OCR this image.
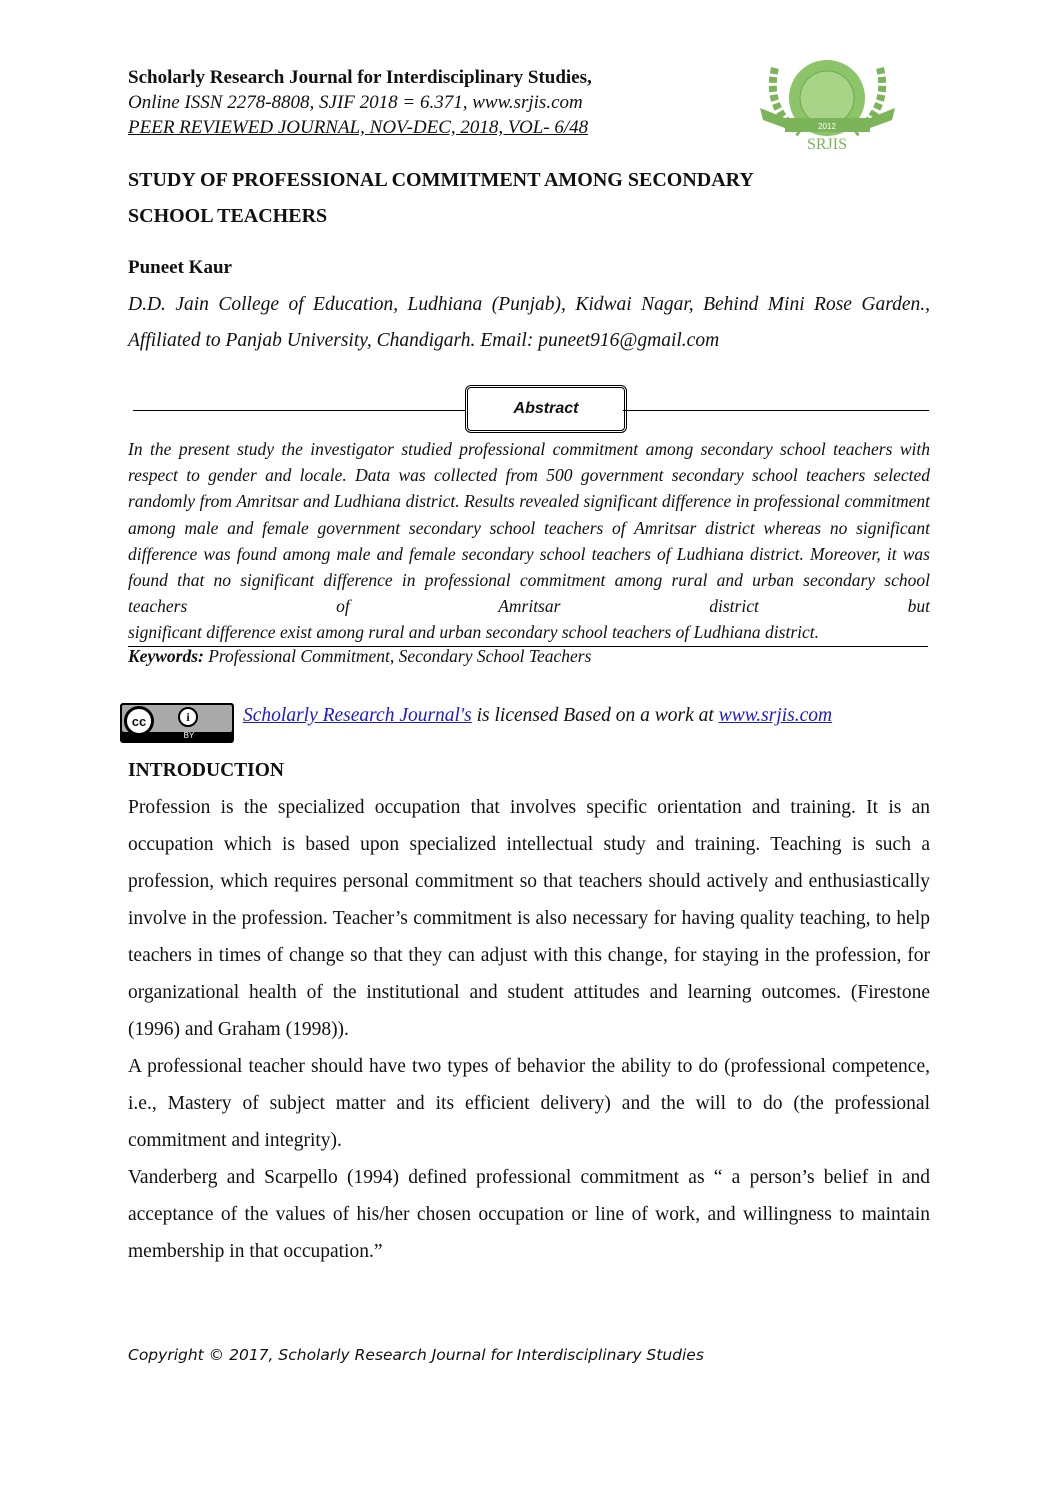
Scholarly Research Journal for Interdisciplinary Studies,
Online ISSN 2278-8808, SJIF 2018 = 6.371, www.srjis.com
PEER REVIEWED JOURNAL, NOV-DEC, 2018, VOL- 6/48	2012
SRJIS
STUDY OF PROFESSIONAL COMMITMENT AMONG SECONDARY
SCHOOL TEACHERS
Puneet Kaur
D.D. Jain College of Education, Ludhiana (Punjab), Kidwai Nagar, Behind Mini Rose Garden., Affiliated to Panjab University, Chandigarh. Email: puneet916@gmail.com
Abstract
In the present study the investigator studied professional commitment among secondary school teachers with respect to gender and locale. Data was collected from 500 government secondary school teachers selected randomly from Amritsar and Ludhiana district. Results revealed significant difference in professional commitment among male and female government secondary school teachers of Amritsar district whereas no significant difference was found among male and female secondary school teachers of Ludhiana district. Moreover, it was found that no significant difference in professional commitment among rural and urban secondary school teachers of Amritsar district but
significant difference exist among rural and urban secondary school teachers of Ludhiana district.
Keywords: Professional Commitment, Secondary School Teachers
cc	i
BY
Scholarly Research Journal's is licensed Based on a work at www.srjis.com
INTRODUCTION

Profession is the specialized occupation that involves specific orientation and training. It is an occupation which is based upon specialized intellectual study and training. Teaching is such a profession, which requires personal commitment so that teachers should actively and enthusiastically involve in the profession. Teacher’s commitment is also necessary for having quality teaching, to help teachers in times of change so that they can adjust with this change, for staying in the profession, for organizational health of the institutional and student attitudes and learning outcomes. (Firestone (1996) and Graham (1998)).

A professional teacher should have two types of behavior the ability to do (professional competence, i.e., Mastery of subject matter and its efficient delivery) and the will to do (the professional commitment and integrity).

Vanderberg and Scarpello (1994) defined professional commitment as “ a person’s belief in and acceptance of the values of his/her chosen occupation or line of work, and willingness to maintain membership in that occupation.”

Copyright © 2017, Scholarly Research Journal for Interdisciplinary Studies
